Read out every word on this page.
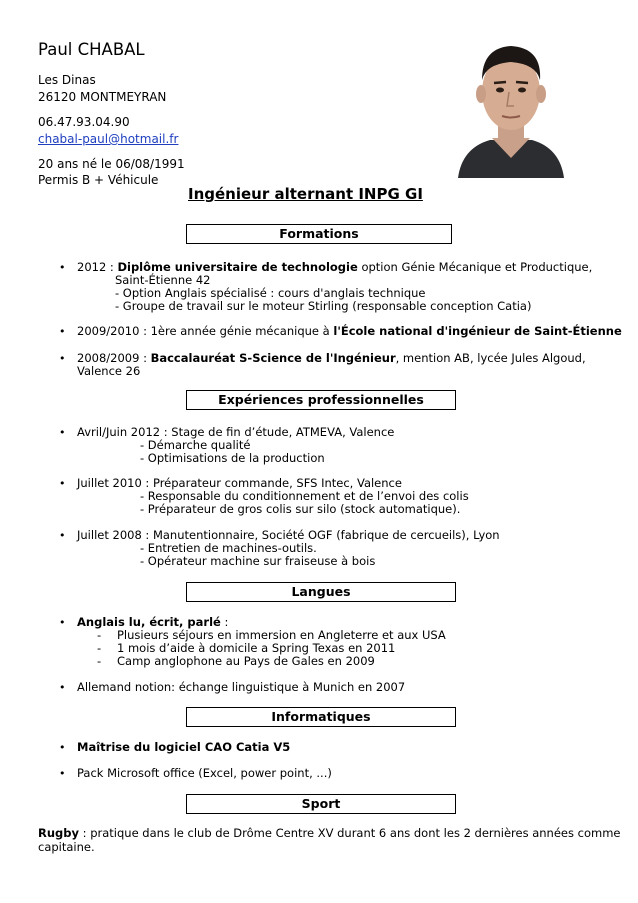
Paul CHABAL
Les Dinas
26120 MONTMEYRAN
06.47.93.04.90
chabal-paul@hotmail.fr
20 ans né le 06/08/1991
Permis B + Véhicule
Ingénieur alternant INPG GI
Formations
• 2012 : Diplôme universitaire de technologie option Génie Mécanique et Productique,
Saint-Étienne 42
- Option Anglais spécialisé : cours d'anglais technique
- Groupe de travail sur le moteur Stirling (responsable conception Catia)
• 2009/2010 : 1ère année génie mécanique à l'École national d'ingénieur de Saint-Étienne
• 2008/2009 : Baccalauréat S-Science de l'Ingénieur, mention AB, lycée Jules Algoud,
Valence 26
Expériences professionnelles
• Avril/Juin 2012 : Stage de fin d’étude, ATMEVA, Valence
- Démarche qualité
- Optimisations de la production
• Juillet 2010 : Préparateur commande, SFS Intec, Valence
- Responsable du conditionnement et de l’envoi des colis
- Préparateur de gros colis sur silo (stock automatique).
• Juillet 2008 : Manutentionnaire, Société OGF (fabrique de cercueils), Lyon
- Entretien de machines-outils.
- Opérateur machine sur fraiseuse à bois
Langues
• Anglais lu, écrit, parlé :
- Plusieurs séjours en immersion en Angleterre et aux USA
- 1 mois d’aide à domicile a Spring Texas en 2011
- Camp anglophone au Pays de Gales en 2009
• Allemand notion: échange linguistique à Munich en 2007
Informatiques
• Maîtrise du logiciel CAO Catia V5
• Pack Microsoft office (Excel, power point, ...)
Sport
Rugby : pratique dans le club de Drôme Centre XV durant 6 ans dont les 2 dernières années comme
capitaine.
